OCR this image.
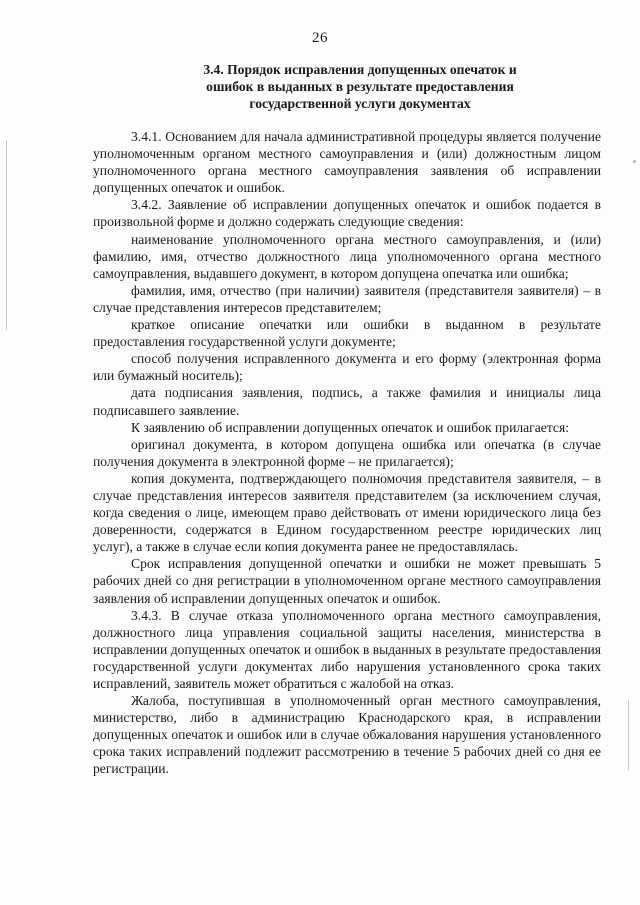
26
3.4. Порядок исправления допущенных опечаток и
ошибок в выданных в результате предоставления
государственной услуги документах

3.4.1. Основанием для начала административной процедуры является получение уполномоченным органом местного самоуправления и (или) должностным лицом уполномоченного органа местного самоуправления заявления об исправлении допущенных опечаток и ошибок.

3.4.2. Заявление об исправлении допущенных опечаток и ошибок подается в произвольной форме и должно содержать следующие сведения:

наименование уполномоченного органа местного самоуправления, и (или) фамилию, имя, отчество должностного лица уполномоченного органа местного самоуправления, выдавшего документ, в котором допущена опечатка или ошибка;

фамилия, имя, отчество (при наличии) заявителя (представителя заявителя) – в случае представления интересов представителем;

краткое описание опечатки или ошибки в выданном в результате предоставления государственной услуги документе;

способ получения исправленного документа и его форму (электронная форма или бумажный носитель);

дата подписания заявления, подпись, а также фамилия и инициалы лица подписавшего заявление.

К заявлению об исправлении допущенных опечаток и ошибок прилагается:

оригинал документа, в котором допущена ошибка или опечатка (в случае получения документа в электронной форме – не прилагается);

копия документа, подтверждающего полномочия представителя заявителя, – в случае представления интересов заявителя представителем (за исключением случая, когда сведения о лице, имеющем право действовать от имени юридического лица без доверенности, содержатся в Едином государственном реестре юридических лиц услуг), а также в случае если копия документа ранее не предоставлялась.

Срок исправления допущенной опечатки и ошибки не может превышать 5 рабочих дней со дня регистрации в уполномоченном органе местного самоуправления заявления об исправлении допущенных опечаток и ошибок.

3.4.3. В случае отказа уполномоченного органа местного самоуправления, должностного лица управления социальной защиты населения, министерства в исправлении допущенных опечаток и ошибок в выданных в результате предоставления государственной услуги документах либо нарушения установленного срока таких исправлений, заявитель может обратиться с жалобой на отказ.

Жалоба, поступившая в уполномоченный орган местного самоуправления, министерство, либо в администрацию Краснодарского края, в исправлении допущенных опечаток и ошибок или в случае обжалования нарушения установленного срока таких исправлений подлежит рассмотрению в течение 5 рабочих дней со дня ее регистрации.
